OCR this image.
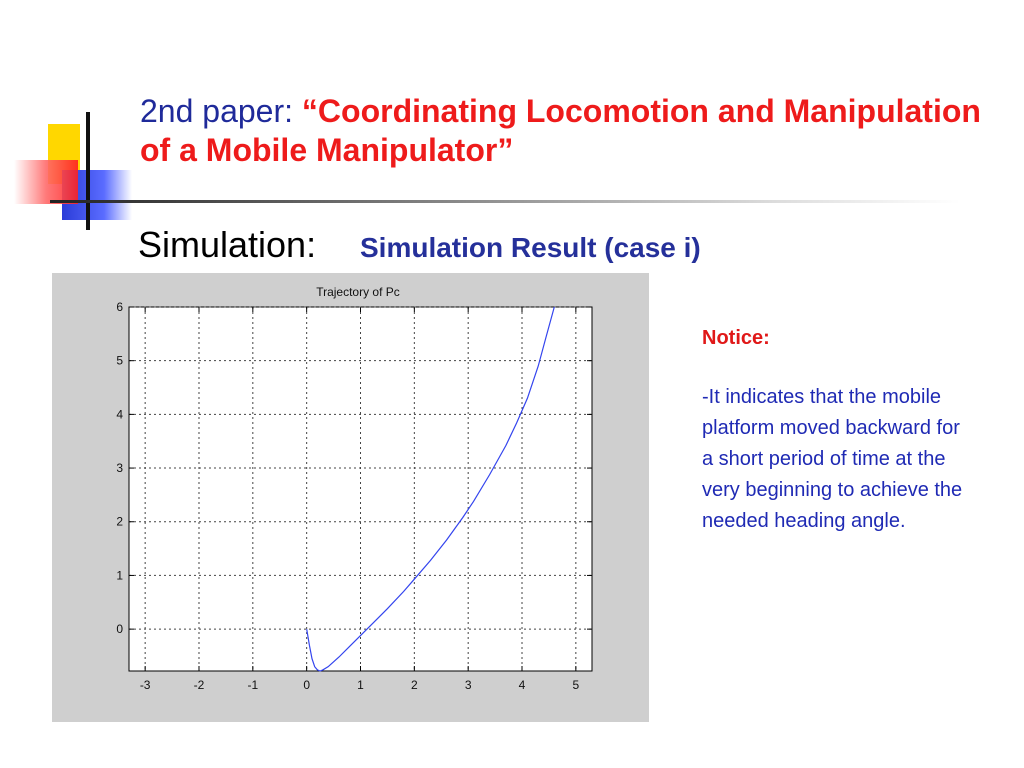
2nd paper: “Coordinating Locomotion and Manipulation of a Mobile Manipulator”
Simulation: Simulation Result (case i)
Trajectory of Pc
-3	-2	-1	0	1	2	3	4	5
0
1
2
3
4
5
6

Notice:

-It indicates that the mobile platform moved backward for a short period of time at the very beginning to achieve the needed heading angle.
